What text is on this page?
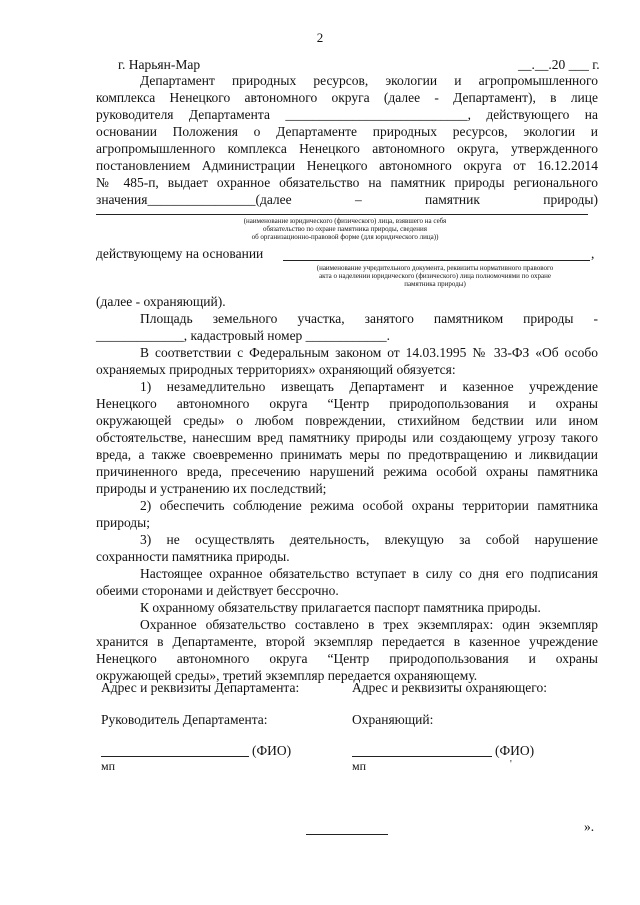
2
г. Нарьян-Мар	__.__.20 ___ г.
Департамент природных ресурсов, экологии и агропромышленного
комплекса Ненецкого автономного округа (далее - Департамент), в лице
руководителя Департамента ___________________________, действующего на
основании Положения о Департаменте природных ресурсов, экологии и
агропромышленного комплекса Ненецкого автономного округа, утвержденного
постановлением Администрации Ненецкого автономного округа от 16.12.2014
№ 485-п, выдает охранное обязательство на памятник природы регионального
значения________________(далее – памятник природы)
(наименование юридического (физического) лица, взявшего на себя
обязательство по охране памятника природы, сведения
об организационно-правовой форме (для юридического лица))
действующему на основании	,
(наименование учредительного документа, реквизиты нормативного правового
акта о наделении юридического (физического) лица полномочиями по охране
памятника природы)
(далее - охраняющий).
Площадь земельного участка, занятого памятником природы -
_____________, кадастровый номер ____________.
В соответствии с Федеральным законом от 14.03.1995 № 33-ФЗ «Об особо
охраняемых природных территориях» охраняющий обязуется:
1) незамедлительно извещать Департамент и казенное учреждение
Ненецкого автономного округа “Центр природопользования и охраны
окружающей среды» о любом повреждении, стихийном бедствии или ином
обстоятельстве, нанесшим вред памятнику природы или создающему угрозу такого
вреда, а также своевременно принимать меры по предотвращению и ликвидации
причиненного вреда, пресечению нарушений режима особой охраны памятника
природы и устранению их последствий;
2) обеспечить соблюдение режима особой охраны территории памятника
природы;
3) не осуществлять деятельность, влекущую за собой нарушение
сохранности памятника природы.
Настоящее охранное обязательство вступает в силу со дня его подписания
обеими сторонами и действует бессрочно.
К охранному обязательству прилагается паспорт памятника природы.
Охранное обязательство составлено в трех экземплярах: один экземпляр
хранится в Департаменте, второй экземпляр передается в казенное учреждение
Ненецкого автономного округа “Центр природопользования и охраны
окружающей среды», третий экземпляр передается охраняющему.
Адрес и реквизиты Департамента:	Адрес и реквизиты охраняющего:
Руководитель Департамента:	Охраняющий:
(ФИО)	(ФИО)
мп	мп	'
».
